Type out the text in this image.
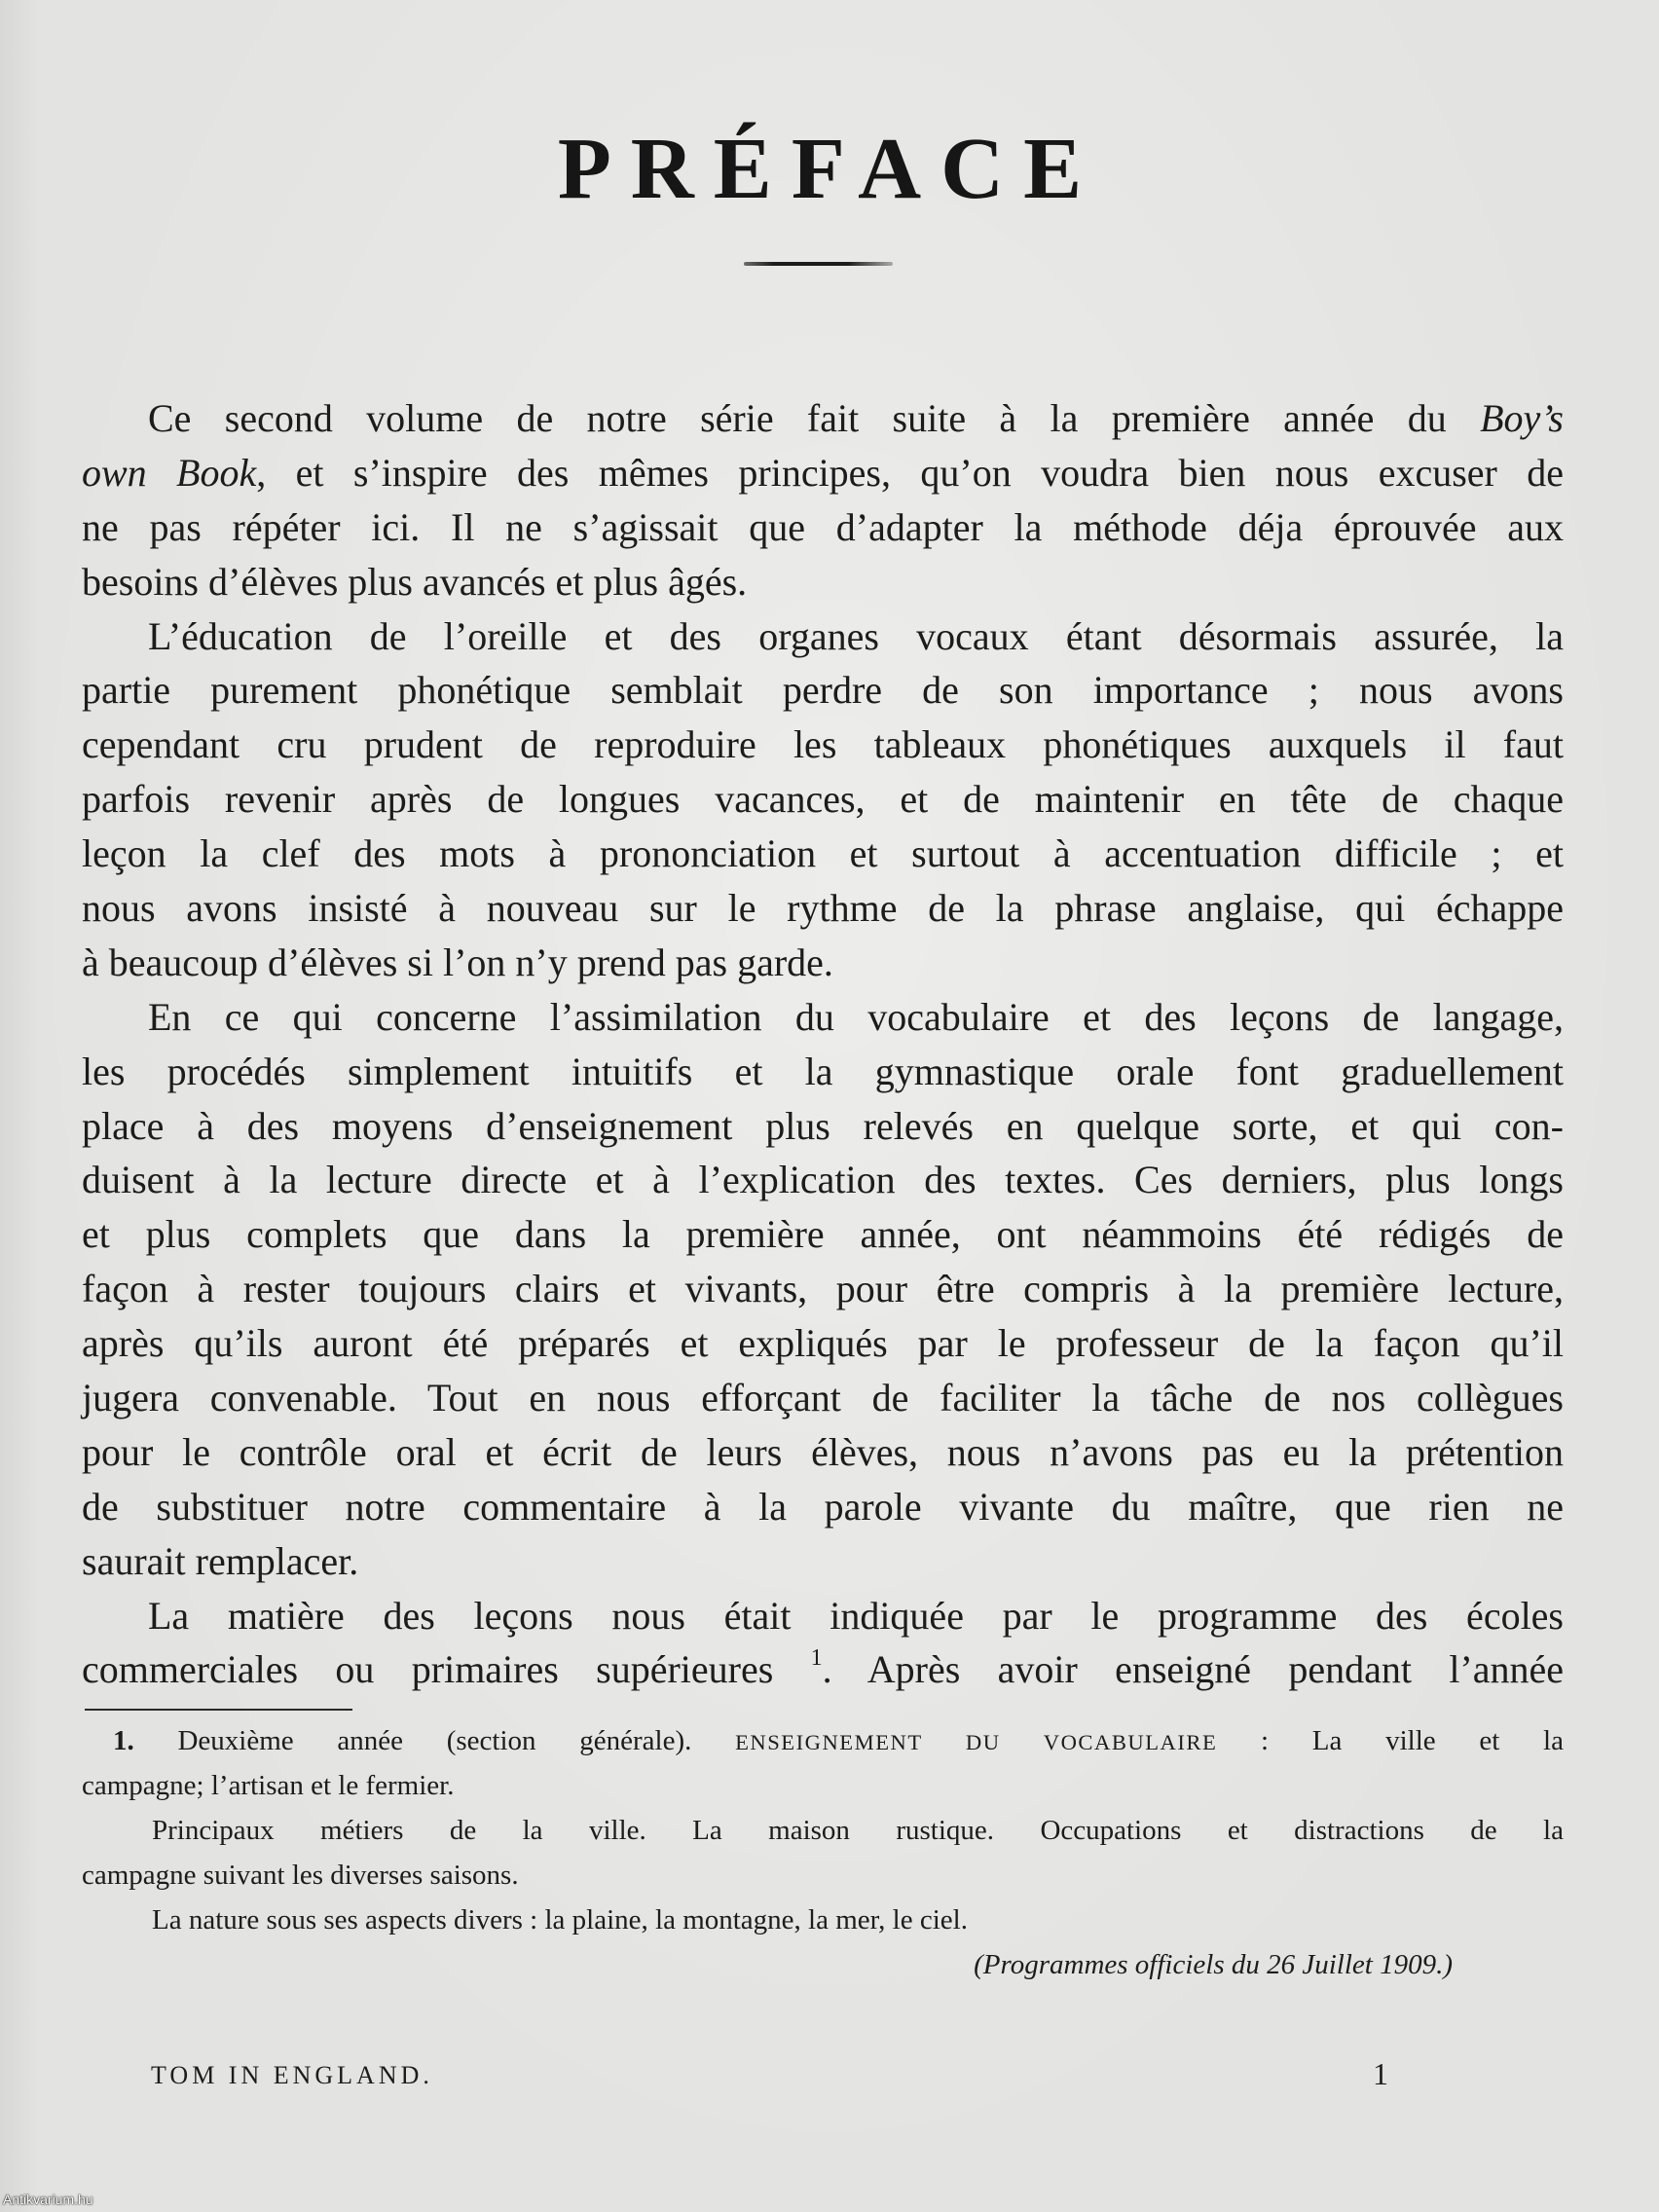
PRÉFACE
Ce second volume de notre série fait suite à la première année du Boy’s
own Book, et s’inspire des mêmes principes, qu’on voudra bien nous excuser de
ne pas répéter ici. Il ne s’agissait que d’adapter la méthode déja éprouvée aux
besoins d’élèves plus avancés et plus âgés.
L’éducation de l’oreille et des organes vocaux étant désormais assurée, la
partie purement phonétique semblait perdre de son importance ; nous avons
cependant cru prudent de reproduire les tableaux phonétiques auxquels il faut
parfois revenir après de longues vacances, et de maintenir en tête de chaque
leçon la clef des mots à prononciation et surtout à accentuation difficile ; et
nous avons insisté à nouveau sur le rythme de la phrase anglaise, qui échappe
à beaucoup d’élèves si l’on n’y prend pas garde.
En ce qui concerne l’assimilation du vocabulaire et des leçons de langage,
les procédés simplement intuitifs et la gymnastique orale font graduellement
place à des moyens d’enseignement plus relevés en quelque sorte, et qui con-
duisent à la lecture directe et à l’explication des textes. Ces derniers, plus longs
et plus complets que dans la première année, ont néammoins été rédigés de
façon à rester toujours clairs et vivants, pour être compris à la première lecture,
après qu’ils auront été préparés et expliqués par le professeur de la façon qu’il
jugera convenable. Tout en nous efforçant de faciliter la tâche de nos collègues
pour le contrôle oral et écrit de leurs élèves, nous n’avons pas eu la prétention
de substituer notre commentaire à la parole vivante du maître, que rien ne
saurait remplacer.
La matière des leçons nous était indiquée par le programme des écoles
commerciales ou primaires supérieures $^1$. Après avoir enseigné pendant l’année
1. Deuxième année (section générale). ENSEIGNEMENT DU VOCABULAIRE : La ville et la
campagne; l’artisan et le fermier.
Principaux métiers de la ville. La maison rustique. Occupations et distractions de la
campagne suivant les diverses saisons.
La nature sous ses aspects divers : la plaine, la montagne, la mer, le ciel.
(Programmes officiels du 26 Juillet 1909.)
TOM IN ENGLAND.	1
Antikvarium.hu
